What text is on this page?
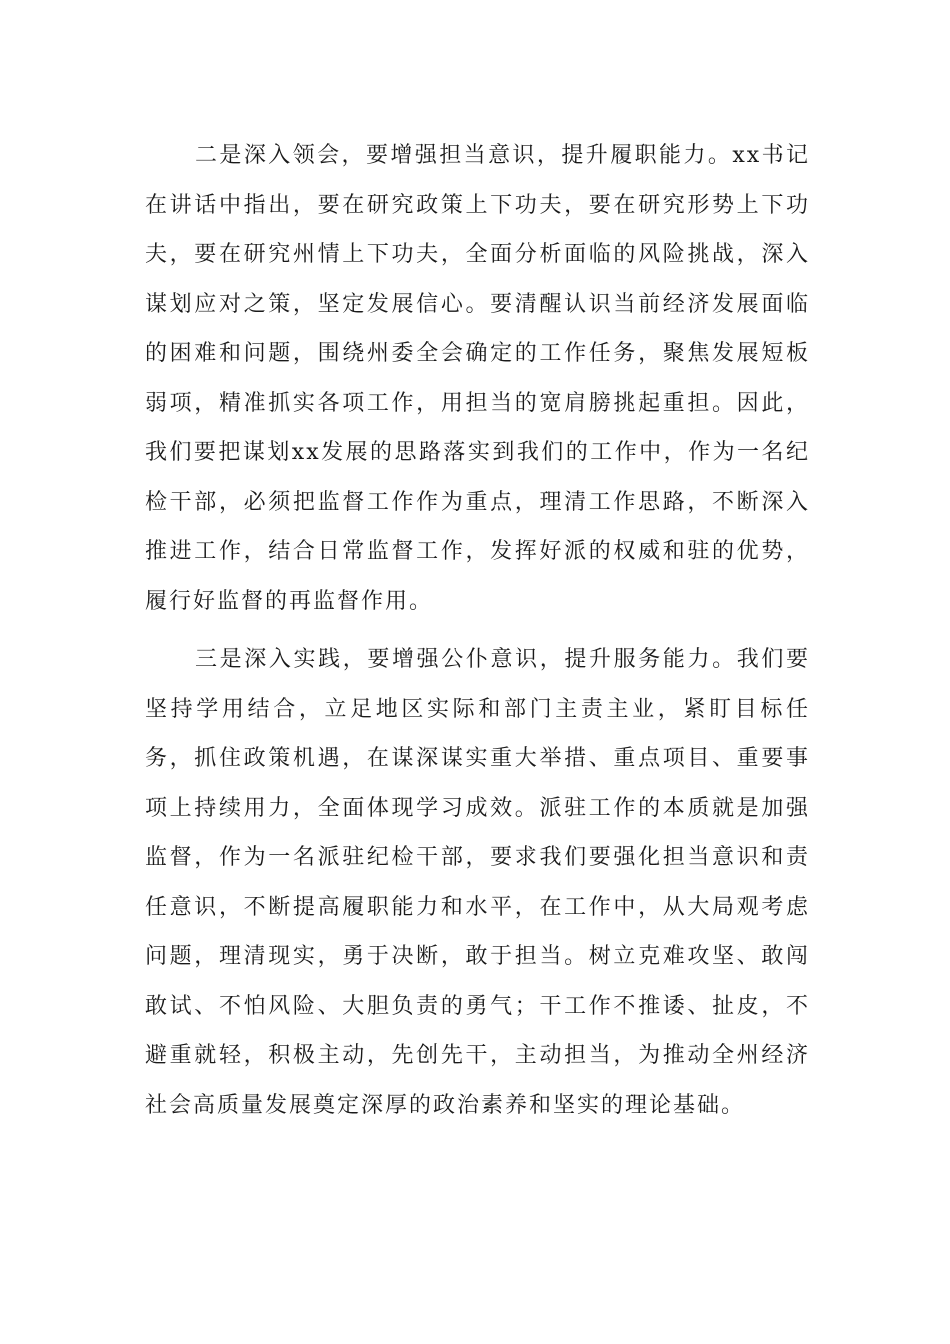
二是深入领会，要增强担当意识，提升履职能力。xx书记在讲话中指出，要在研究政策上下功夫，要在研究形势上下功夫，要在研究州情上下功夫，全面分析面临的风险挑战，深入谋划应对之策，坚定发展信心。要清醒认识当前经济发展面临的困难和问题，围绕州委全会确定的工作任务，聚焦发展短板弱项，精准抓实各项工作，用担当的宽肩膀挑起重担。因此，我们要把谋划xx发展的思路落实到我们的工作中，作为一名纪检干部，必须把监督工作作为重点，理清工作思路，不断深入推进工作，结合日常监督工作，发挥好派的权威和驻的优势，履行好监督的再监督作用。

三是深入实践，要增强公仆意识，提升服务能力。我们要坚持学用结合，立足地区实际和部门主责主业，紧盯目标任务，抓住政策机遇，在谋深谋实重大举措、重点项目、重要事项上持续用力，全面体现学习成效。派驻工作的本质就是加强监督，作为一名派驻纪检干部，要求我们要强化担当意识和责任意识，不断提高履职能力和水平，在工作中，从大局观考虑问题，理清现实，勇于决断，敢于担当。树立克难攻坚、敢闯敢试、不怕风险、大胆负责的勇气；干工作不推诿、扯皮，不避重就轻，积极主动，先创先干，主动担当，为推动全州经济社会高质量发展奠定深厚的政治素养和坚实的理论基础。
